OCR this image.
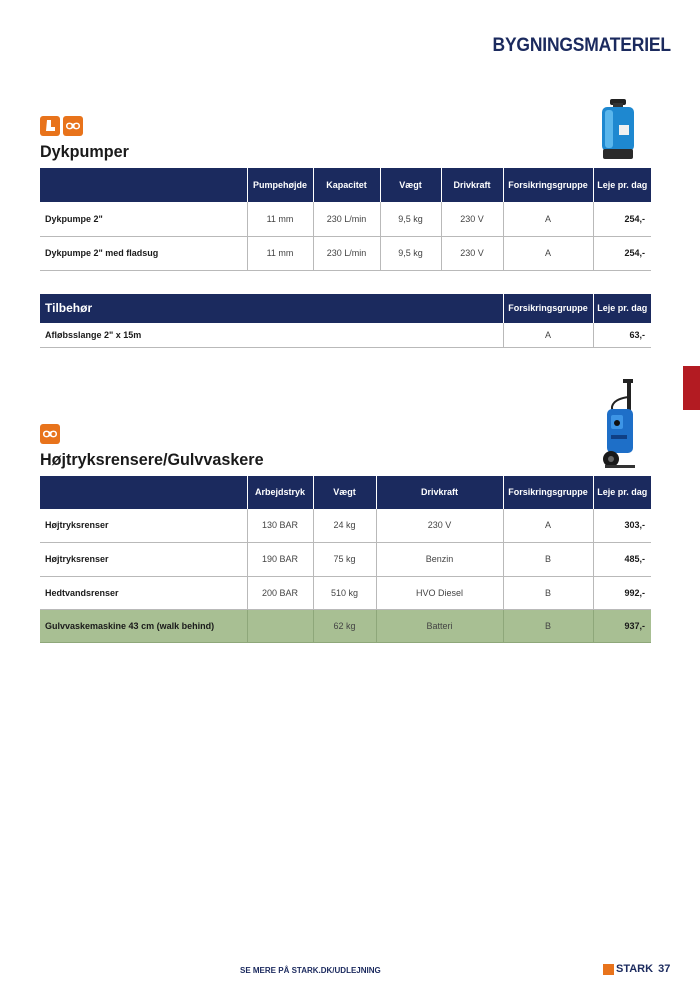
BYGNINGSMATERIEL
Dykpumper
	Pumpehøjde	Kapacitet	Vægt	Drivkraft	Forsikringsgruppe	Leje pr. dag
Dykpumpe 2"	11 mm	230 L/min	9,5 kg	230 V	A	254,-
Dykpumpe 2" med fladsug	11 mm	230 L/min	9,5 kg	230 V	A	254,-
Tilbehør	Forsikringsgruppe	Leje pr. dag
Afløbsslange 2" x 15m	A	63,-
Højtryksrensere/Gulvvaskere
	Arbejdstryk	Vægt	Drivkraft	Forsikringsgruppe	Leje pr. dag
Højtryksrenser	130 BAR	24 kg	230 V	A	303,-
Højtryksrenser	190 BAR	75 kg	Benzin	B	485,-
Hedtvandsrenser	200 BAR	510 kg	HVO Diesel	B	992,-
Gulvvaskemaskine 43 cm (walk behind)		62 kg	Batteri	B	937,-
SE MERE PÅ STARK.DK/UDLEJNING	STARK 37
